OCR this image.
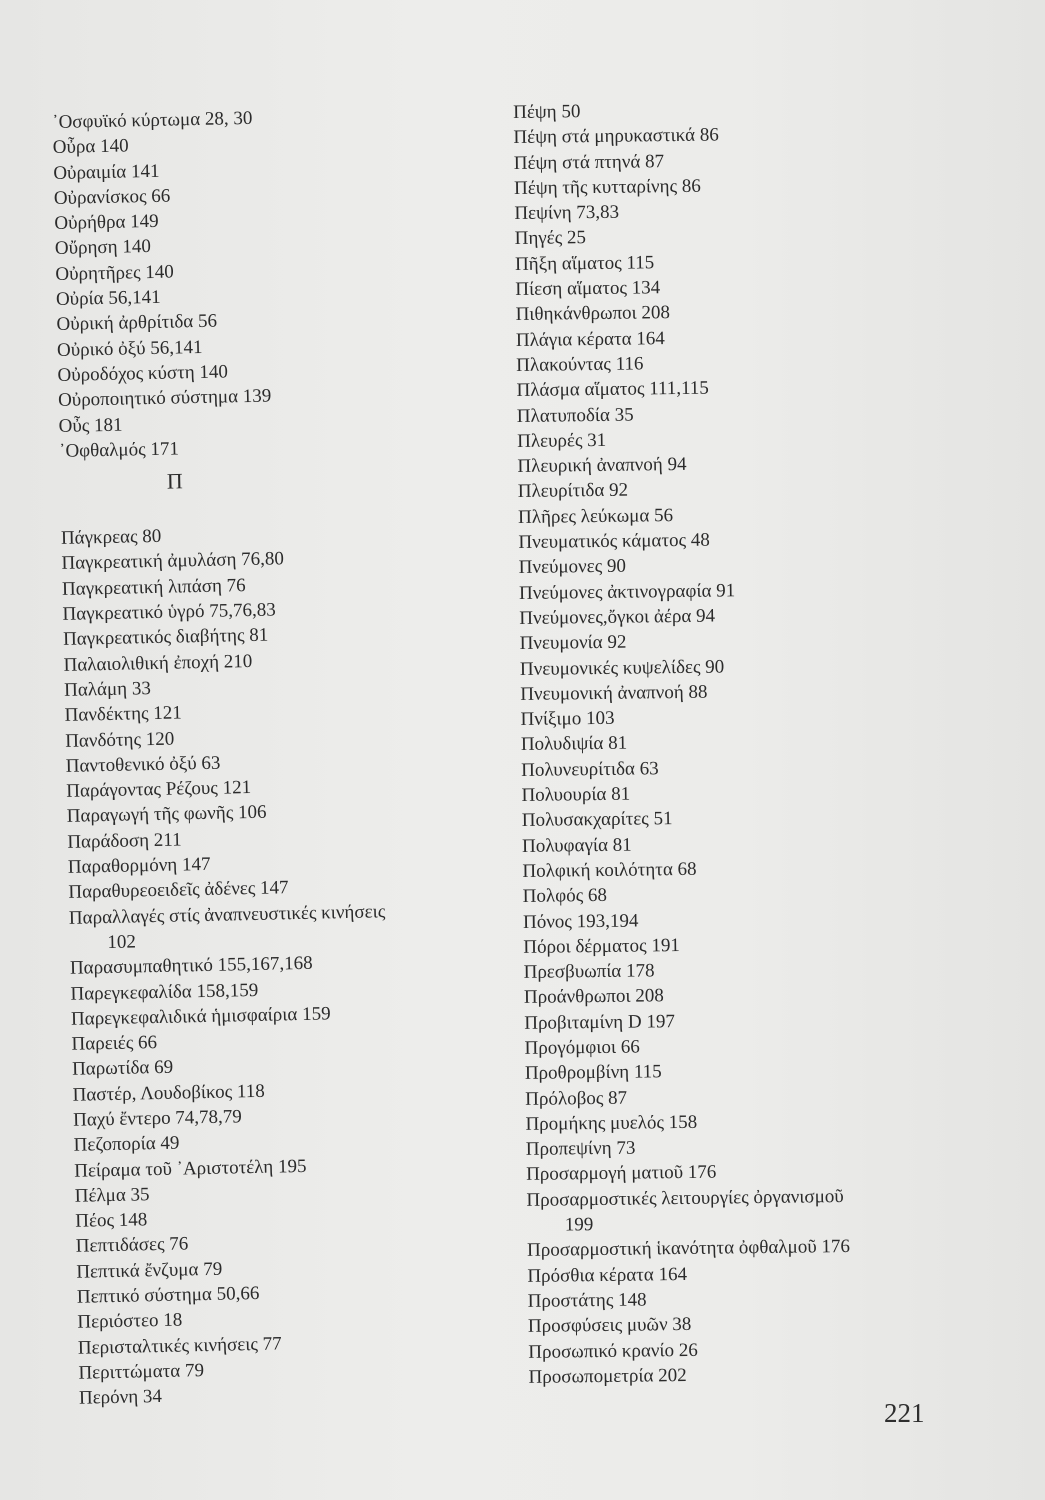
᾿Οσφυϊκό κύρτωμα 28, 30
Οὖρα 140
Οὐραιμία 141
Οὐρανίσκος 66
Οὐρήθρα 149
Οὔρηση 140
Οὐρητῆρες 140
Οὐρία 56,141
Οὐρική ἀρθρίτιδα 56
Οὐρικό ὀξύ 56,141
Οὐροδόχος κύστη 140
Οὐροποιητικό σύστημα 139
Οὖς 181
᾿Οφθαλμός 171
Π
Πάγκρεας 80
Παγκρεατική ἀμυλάση 76,80
Παγκρεατική λιπάση 76
Παγκρεατικό ὑγρό 75,76,83
Παγκρεατικός διαβήτης 81
Παλαιολιθική ἐποχή 210
Παλάμη 33
Πανδέκτης 121
Πανδότης 120
Παντοθενικό ὀξύ 63
Παράγοντας Ρέζους 121
Παραγωγή τῆς φωνῆς 106
Παράδοση 211
Παραθορμόνη 147
Παραθυρεοειδεῖς ἀδένες 147
Παραλλαγές στίς ἀναπνευστικές κινήσεις
102
Παρασυμπαθητικό 155,167,168
Παρεγκεφαλίδα 158,159
Παρεγκεφαλιδικά ἡμισφαίρια 159
Παρειές 66
Παρωτίδα 69
Παστέρ, Λουδοβίκος 118
Παχύ ἔντερο 74,78,79
Πεζοπορία 49
Πείραμα τοῦ ᾿Αριστοτέλη 195
Πέλμα 35
Πέος 148
Πεπτιδάσες 76
Πεπτικά ἔνζυμα 79
Πεπτικό σύστημα 50,66
Περιόστεο 18
Περισταλτικές κινήσεις 77
Περιττώματα 79
Περόνη 34
Πέψη 50
Πέψη στά μηρυκαστικά 86
Πέψη στά πτηνά 87
Πέψη τῆς κυτταρίνης 86
Πεψίνη 73,83
Πηγές 25
Πῆξη αἵματος 115
Πίεση αἵματος 134
Πιθηκάνθρωποι 208
Πλάγια κέρατα 164
Πλακούντας 116
Πλάσμα αἵματος 111,115
Πλατυποδία 35
Πλευρές 31
Πλευρική ἀναπνοή 94
Πλευρίτιδα 92
Πλῆρες λεύκωμα 56
Πνευματικός κάματος 48
Πνεύμονες 90
Πνεύμονες ἀκτινογραφία 91
Πνεύμονες,ὄγκοι ἀέρα 94
Πνευμονία 92
Πνευμονικές κυψελίδες 90
Πνευμονική ἀναπνοή 88
Πνίξιμο 103
Πολυδιψία 81
Πολυνευρίτιδα 63
Πολυουρία 81
Πολυσακχαρίτες 51
Πολυφαγία 81
Πολφική κοιλότητα 68
Πολφός 68
Πόνος 193,194
Πόροι δέρματος 191
Πρεσβυωπία 178
Προάνθρωποι 208
Προβιταμίνη D 197
Προγόμφιοι 66
Προθρομβίνη 115
Πρόλοβος 87
Προμήκης μυελός 158
Προπεψίνη 73
Προσαρμογή ματιοῦ 176
Προσαρμοστικές λειτουργίες ὀργανισμοῦ
199
Προσαρμοστική ἱκανότητα ὀφθαλμοῦ 176
Πρόσθια κέρατα 164
Προστάτης 148
Προσφύσεις μυῶν 38
Προσωπικό κρανίο 26
Προσωπομετρία 202
221
